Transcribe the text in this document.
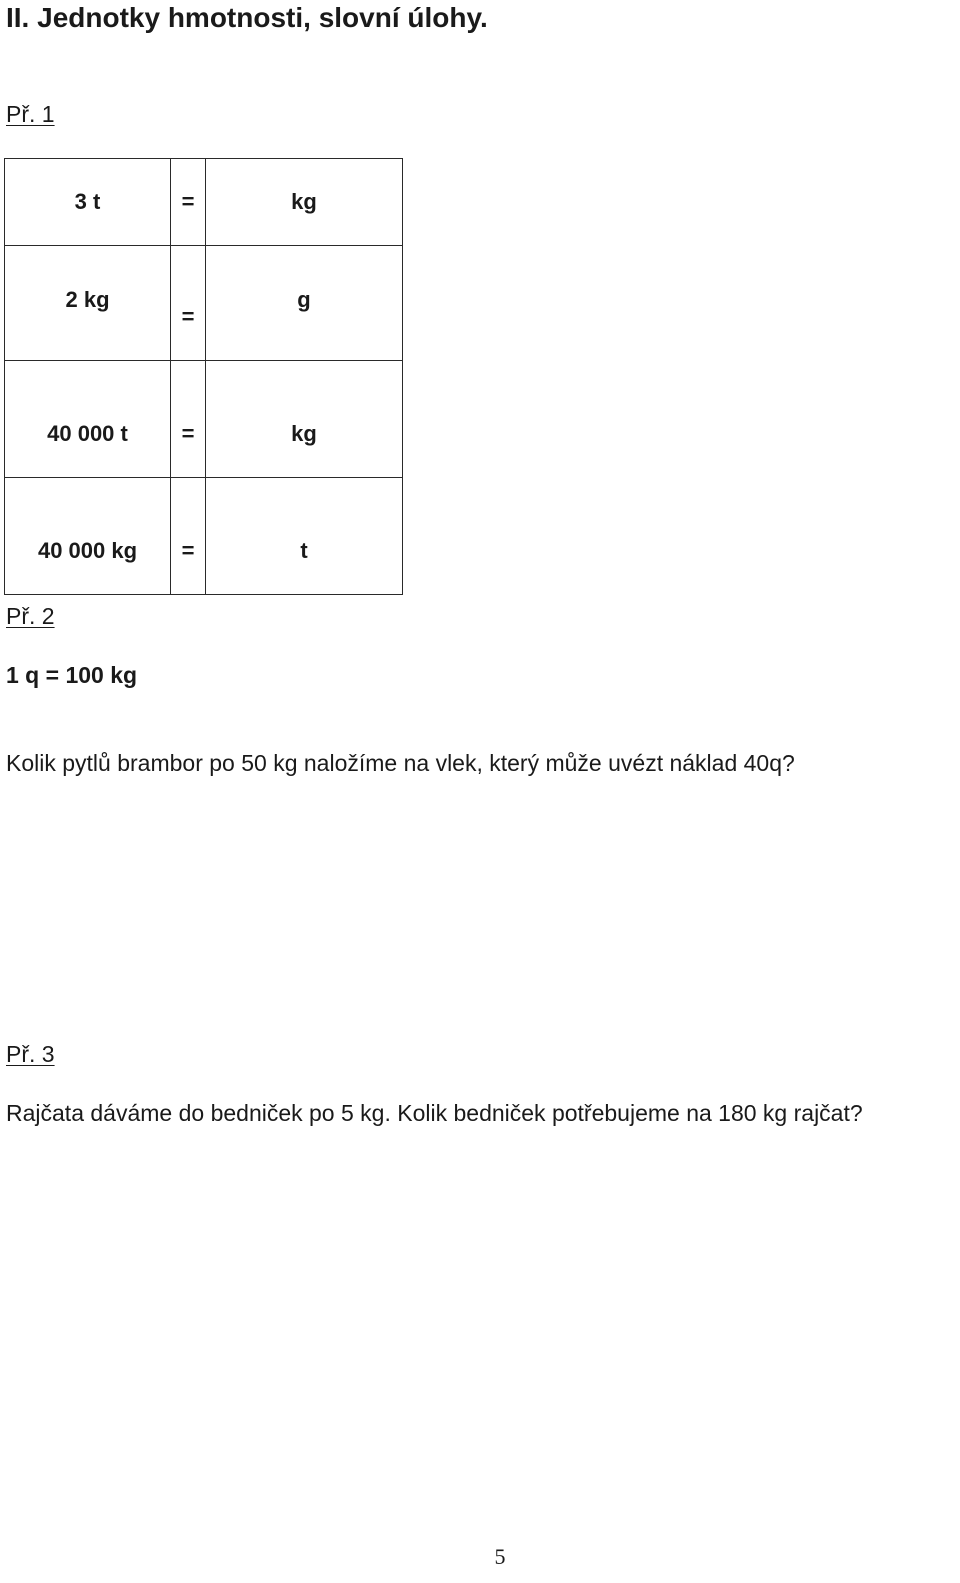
II. Jednotky hmotnosti, slovní úlohy.
Př. 1
3 t	=	kg
2 kg	=	g
40 000 t	=	kg
40 000 kg	=	t
Př. 2

1 q = 100 kg

Kolik pytlů brambor po 50 kg naložíme na vlek, který může uvézt náklad 40q?

Př. 3

Rajčata dáváme do bedniček po 5 kg. Kolik bedniček potřebujeme na 180 kg rajčat?

5
